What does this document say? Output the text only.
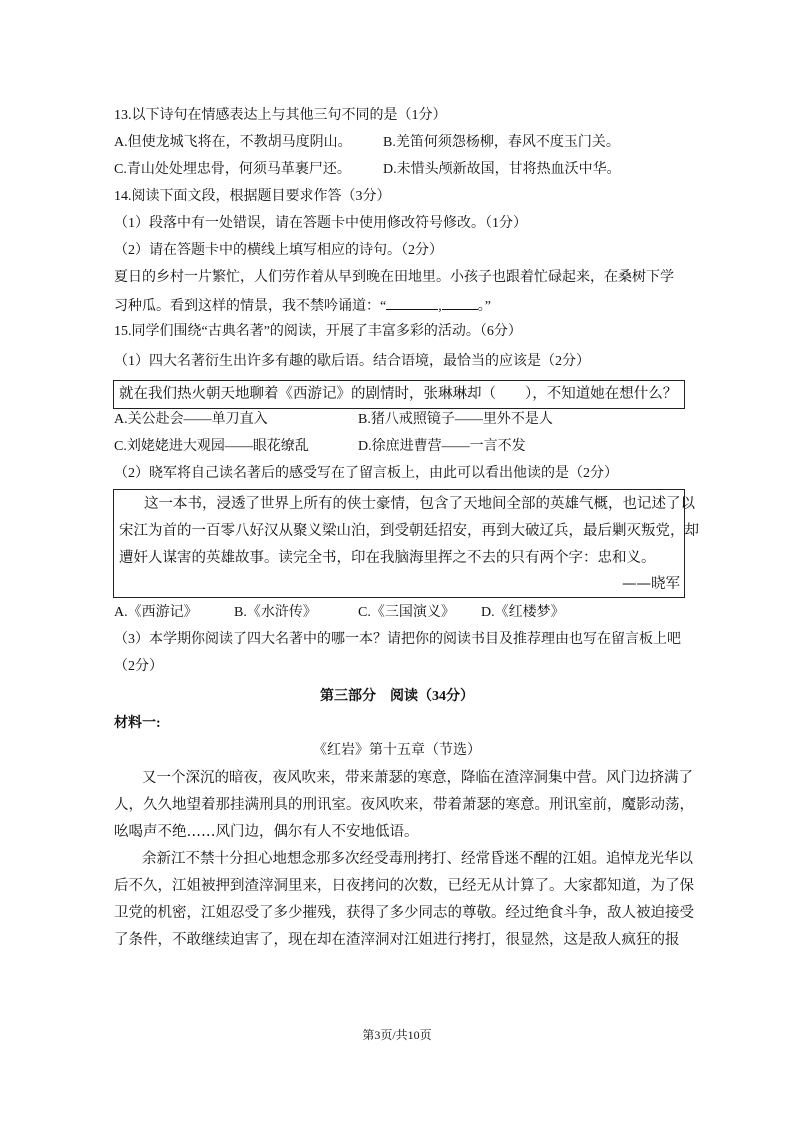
13.以下诗句在情感表达上与其他三句不同的是（1分）
A.但使龙城飞将在，不教胡马度阴山。 B.羌笛何须怨杨柳，春风不度玉门关。
C.青山处处埋忠骨，何须马革裹尸还。 D.未惜头颅新故国，甘将热血沃中华。
14.阅读下面文段，根据题目要求作答（3分）
（1）段落中有一处错误，请在答题卡中使用修改符号修改。（1分）
（2）请在答题卡中的横线上填写相应的诗句。（2分）
夏日的乡村一片繁忙，人们劳作着从早到晚在田地里。小孩子也跟着忙碌起来，在桑树下学
习种瓜。看到这样的情景，我不禁吟诵道：“	,	。”
15.同学们围绕“古典名著”的阅读，开展了丰富多彩的活动。（6分）
（1）四大名著衍生出许多有趣的歇后语。结合语境，最恰当的应该是（2分）
就在我们热火朝天地聊着《西游记》的剧情时，张琳琳却（　　），不知道她在想什么？
A.关公赴会——单刀直入	B.猪八戒照镜子——里外不是人
C.刘姥姥进大观园——眼花缭乱	D.徐庶进曹营——一言不发
（2）晓军将自己读名著后的感受写在了留言板上，由此可以看出他读的是（2分）
这一本书，浸透了世界上所有的侠士豪情，包含了天地间全部的英雄气概，也记述了以
宋江为首的一百零八好汉从聚义梁山泊，到受朝廷招安，再到大破辽兵，最后剿灭叛党，却
遭奸人谋害的英雄故事。读完全书，印在我脑海里挥之不去的只有两个字：忠和义。
——晓军
A.《西游记》	B.《水浒传》	C.《三国演义》 D.《红楼梦》
（3）本学期你阅读了四大名著中的哪一本？请把你的阅读书目及推荐理由也写在留言板上吧
（2分）
第三部分　阅读（34分）
材料一:
《红岩》第十五章（节选）
又一个深沉的暗夜，夜风吹来，带来萧瑟的寒意，降临在渣滓洞集中营。风门边挤满了
人，久久地望着那挂满刑具的刑讯室。夜风吹来，带着萧瑟的寒意。刑讯室前，魔影动荡，
吆喝声不绝……风门边，偶尔有人不安地低语。
余新江不禁十分担心地想念那多次经受毒刑拷打、经常昏迷不醒的江姐。追悼龙光华以
后不久，江姐被押到渣滓洞里来，日夜拷问的次数，已经无从计算了。大家都知道，为了保
卫党的机密，江姐忍受了多少摧残，获得了多少同志的尊敬。经过绝食斗争，敌人被迫接受
了条件，不敢继续迫害了，现在却在渣滓洞对江姐进行拷打，很显然，这是敌人疯狂的报
第3页/共10页
